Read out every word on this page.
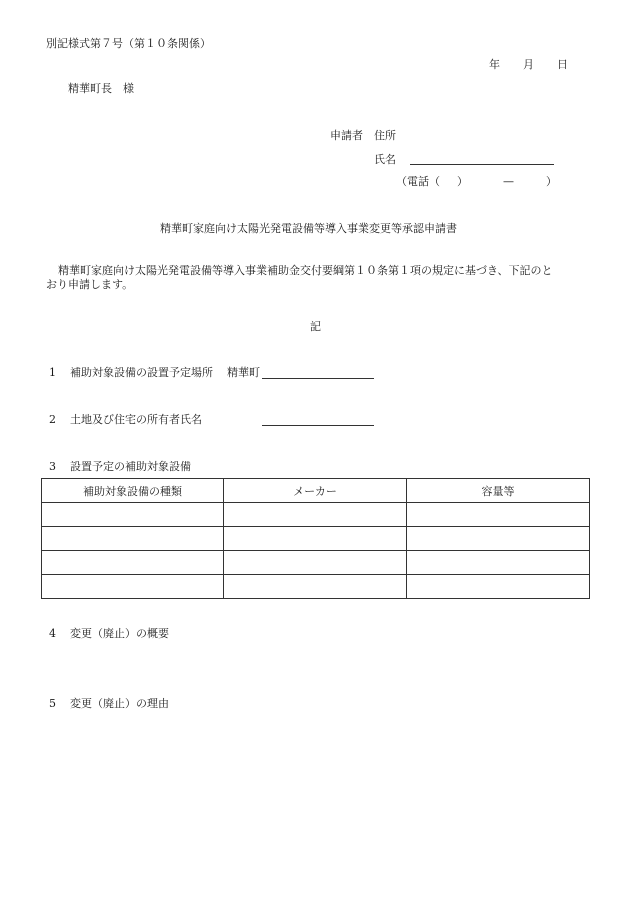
別記様式第７号（第１０条関係）
年 月 日
精華町長　様
申請者 住所
氏名
（電話（ ）	—	）
精華町家庭向け太陽光発電設備等導入事業変更等承認申請書
精華町家庭向け太陽光発電設備等導入事業補助金交付要綱第１０条第１項の規定に基づき、下記のと
おり申請します。
記
1 補助対象設備の設置予定場所 精華町
2 土地及び住宅の所有者氏名
3 設置予定の補助対象設備
補助対象設備の種類	メーカー	容量等

4 変更（廃止）の概要
5 変更（廃止）の理由
